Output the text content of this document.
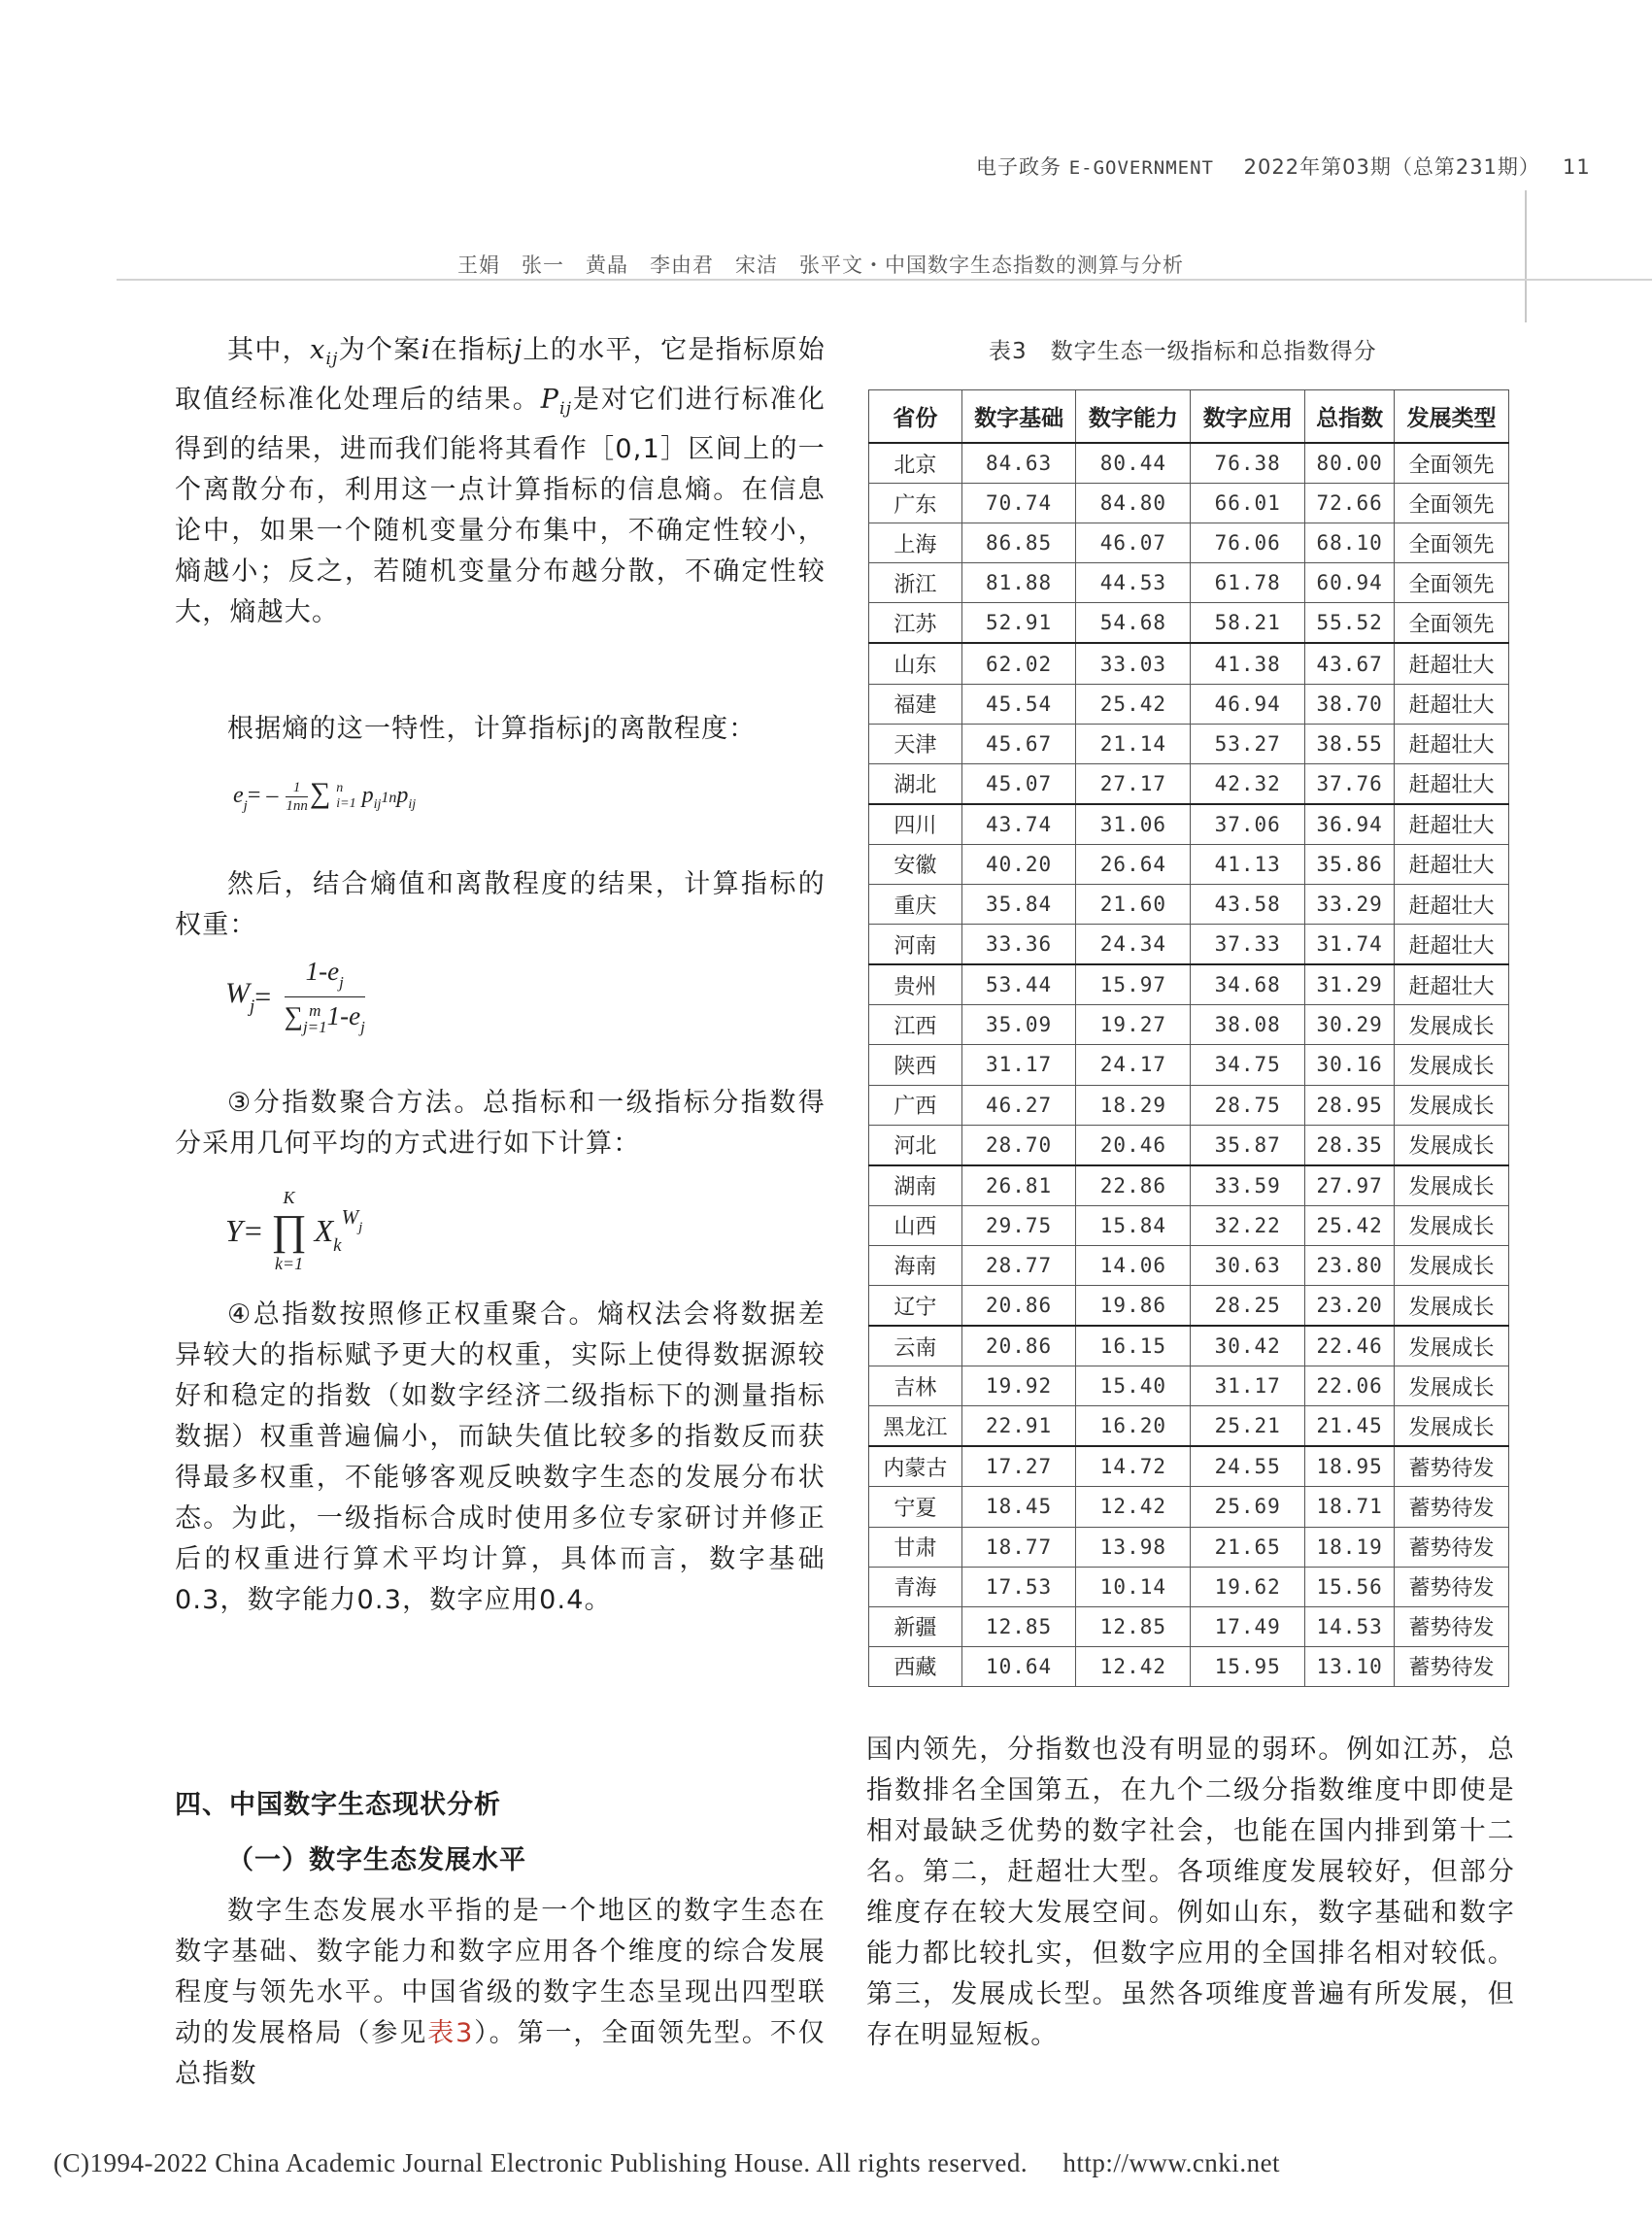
电子政务 E-GOVERNMENT 2022年第03期（总第231期） 11
王娟　张一　黄晶　李由君　宋洁　张平文・中国数字生态指数的测算与分析
其中，$x_{ij}$为个案i在指标j上的水平，它是指标原始取值经标准化处理后的结果。$P_{ij}$是对它们进行标准化得到的结果，进而我们能将其看作［0,1］区间上的一个离散分布，利用这一点计算指标的信息熵。在信息论中，如果一个随机变量分布集中，不确定性较小，熵越小；反之，若随机变量分布越分散，不确定性较大，熵越大。
根据熵的这一特性，计算指标j的离散程度：
$e_j= - \frac{1}{1nn}$ ∑ n
i=1 $p_{ij}1np_{ij}$
然后，结合熵值和离散程度的结果，计算指标的权重：
$W_j= 1-e_j$
∑ m
j=1 $1-e_j$
③分指数聚合方法。总指标和一级指标分指数得分采用几何平均的方式进行如下计算：
Y=
K
∏
k=1
$X_k^{Wj}$
④总指数按照修正权重聚合。熵权法会将数据差异较大的指标赋予更大的权重，实际上使得数据源较好和稳定的指数（如数字经济二级指标下的测量指标数据）权重普遍偏小，而缺失值比较多的指数反而获得最多权重，不能够客观反映数字生态的发展分布状态。为此，一级指标合成时使用多位专家研讨并修正后的权重进行算术平均计算，具体而言，数字基础0.3，数字能力0.3，数字应用0.4。
四、中国数字生态现状分析
（一）数字生态发展水平
数字生态发展水平指的是一个地区的数字生态在数字基础、数字能力和数字应用各个维度的综合发展程度与领先水平。中国省级的数字生态呈现出四型联动的发展格局（参见表3）。第一，全面领先型。不仅总指数
表3　数字生态一级指标和总指数得分
省份	数字基础	数字能力	数字应用	总指数	发展类型
北京	84.63	80.44	76.38	80.00	全面领先
广东	70.74	84.80	66.01	72.66	全面领先
上海	86.85	46.07	76.06	68.10	全面领先
浙江	81.88	44.53	61.78	60.94	全面领先
江苏	52.91	54.68	58.21	55.52	全面领先
山东	62.02	33.03	41.38	43.67	赶超壮大
福建	45.54	25.42	46.94	38.70	赶超壮大
天津	45.67	21.14	53.27	38.55	赶超壮大
湖北	45.07	27.17	42.32	37.76	赶超壮大
四川	43.74	31.06	37.06	36.94	赶超壮大
安徽	40.20	26.64	41.13	35.86	赶超壮大
重庆	35.84	21.60	43.58	33.29	赶超壮大
河南	33.36	24.34	37.33	31.74	赶超壮大
贵州	53.44	15.97	34.68	31.29	赶超壮大
江西	35.09	19.27	38.08	30.29	发展成长
陕西	31.17	24.17	34.75	30.16	发展成长
广西	46.27	18.29	28.75	28.95	发展成长
河北	28.70	20.46	35.87	28.35	发展成长
湖南	26.81	22.86	33.59	27.97	发展成长
山西	29.75	15.84	32.22	25.42	发展成长
海南	28.77	14.06	30.63	23.80	发展成长
辽宁	20.86	19.86	28.25	23.20	发展成长
云南	20.86	16.15	30.42	22.46	发展成长
吉林	19.92	15.40	31.17	22.06	发展成长
黑龙江	22.91	16.20	25.21	21.45	发展成长
内蒙古	17.27	14.72	24.55	18.95	蓄势待发
宁夏	18.45	12.42	25.69	18.71	蓄势待发
甘肃	18.77	13.98	21.65	18.19	蓄势待发
青海	17.53	10.14	19.62	15.56	蓄势待发
新疆	12.85	12.85	17.49	14.53	蓄势待发
西藏	10.64	12.42	15.95	13.10	蓄势待发
国内领先，分指数也没有明显的弱环。例如江苏，总指数排名全国第五，在九个二级分指数维度中即使是相对最缺乏优势的数字社会，也能在国内排到第十二名。第二，赶超壮大型。各项维度发展较好，但部分维度存在较大发展空间。例如山东，数字基础和数字能力都比较扎实，但数字应用的全国排名相对较低。第三，发展成长型。虽然各项维度普遍有所发展，但存在明显短板。
(C)1994-2022 China Academic Journal Electronic Publishing House. All rights reserved. http://www.cnki.net
